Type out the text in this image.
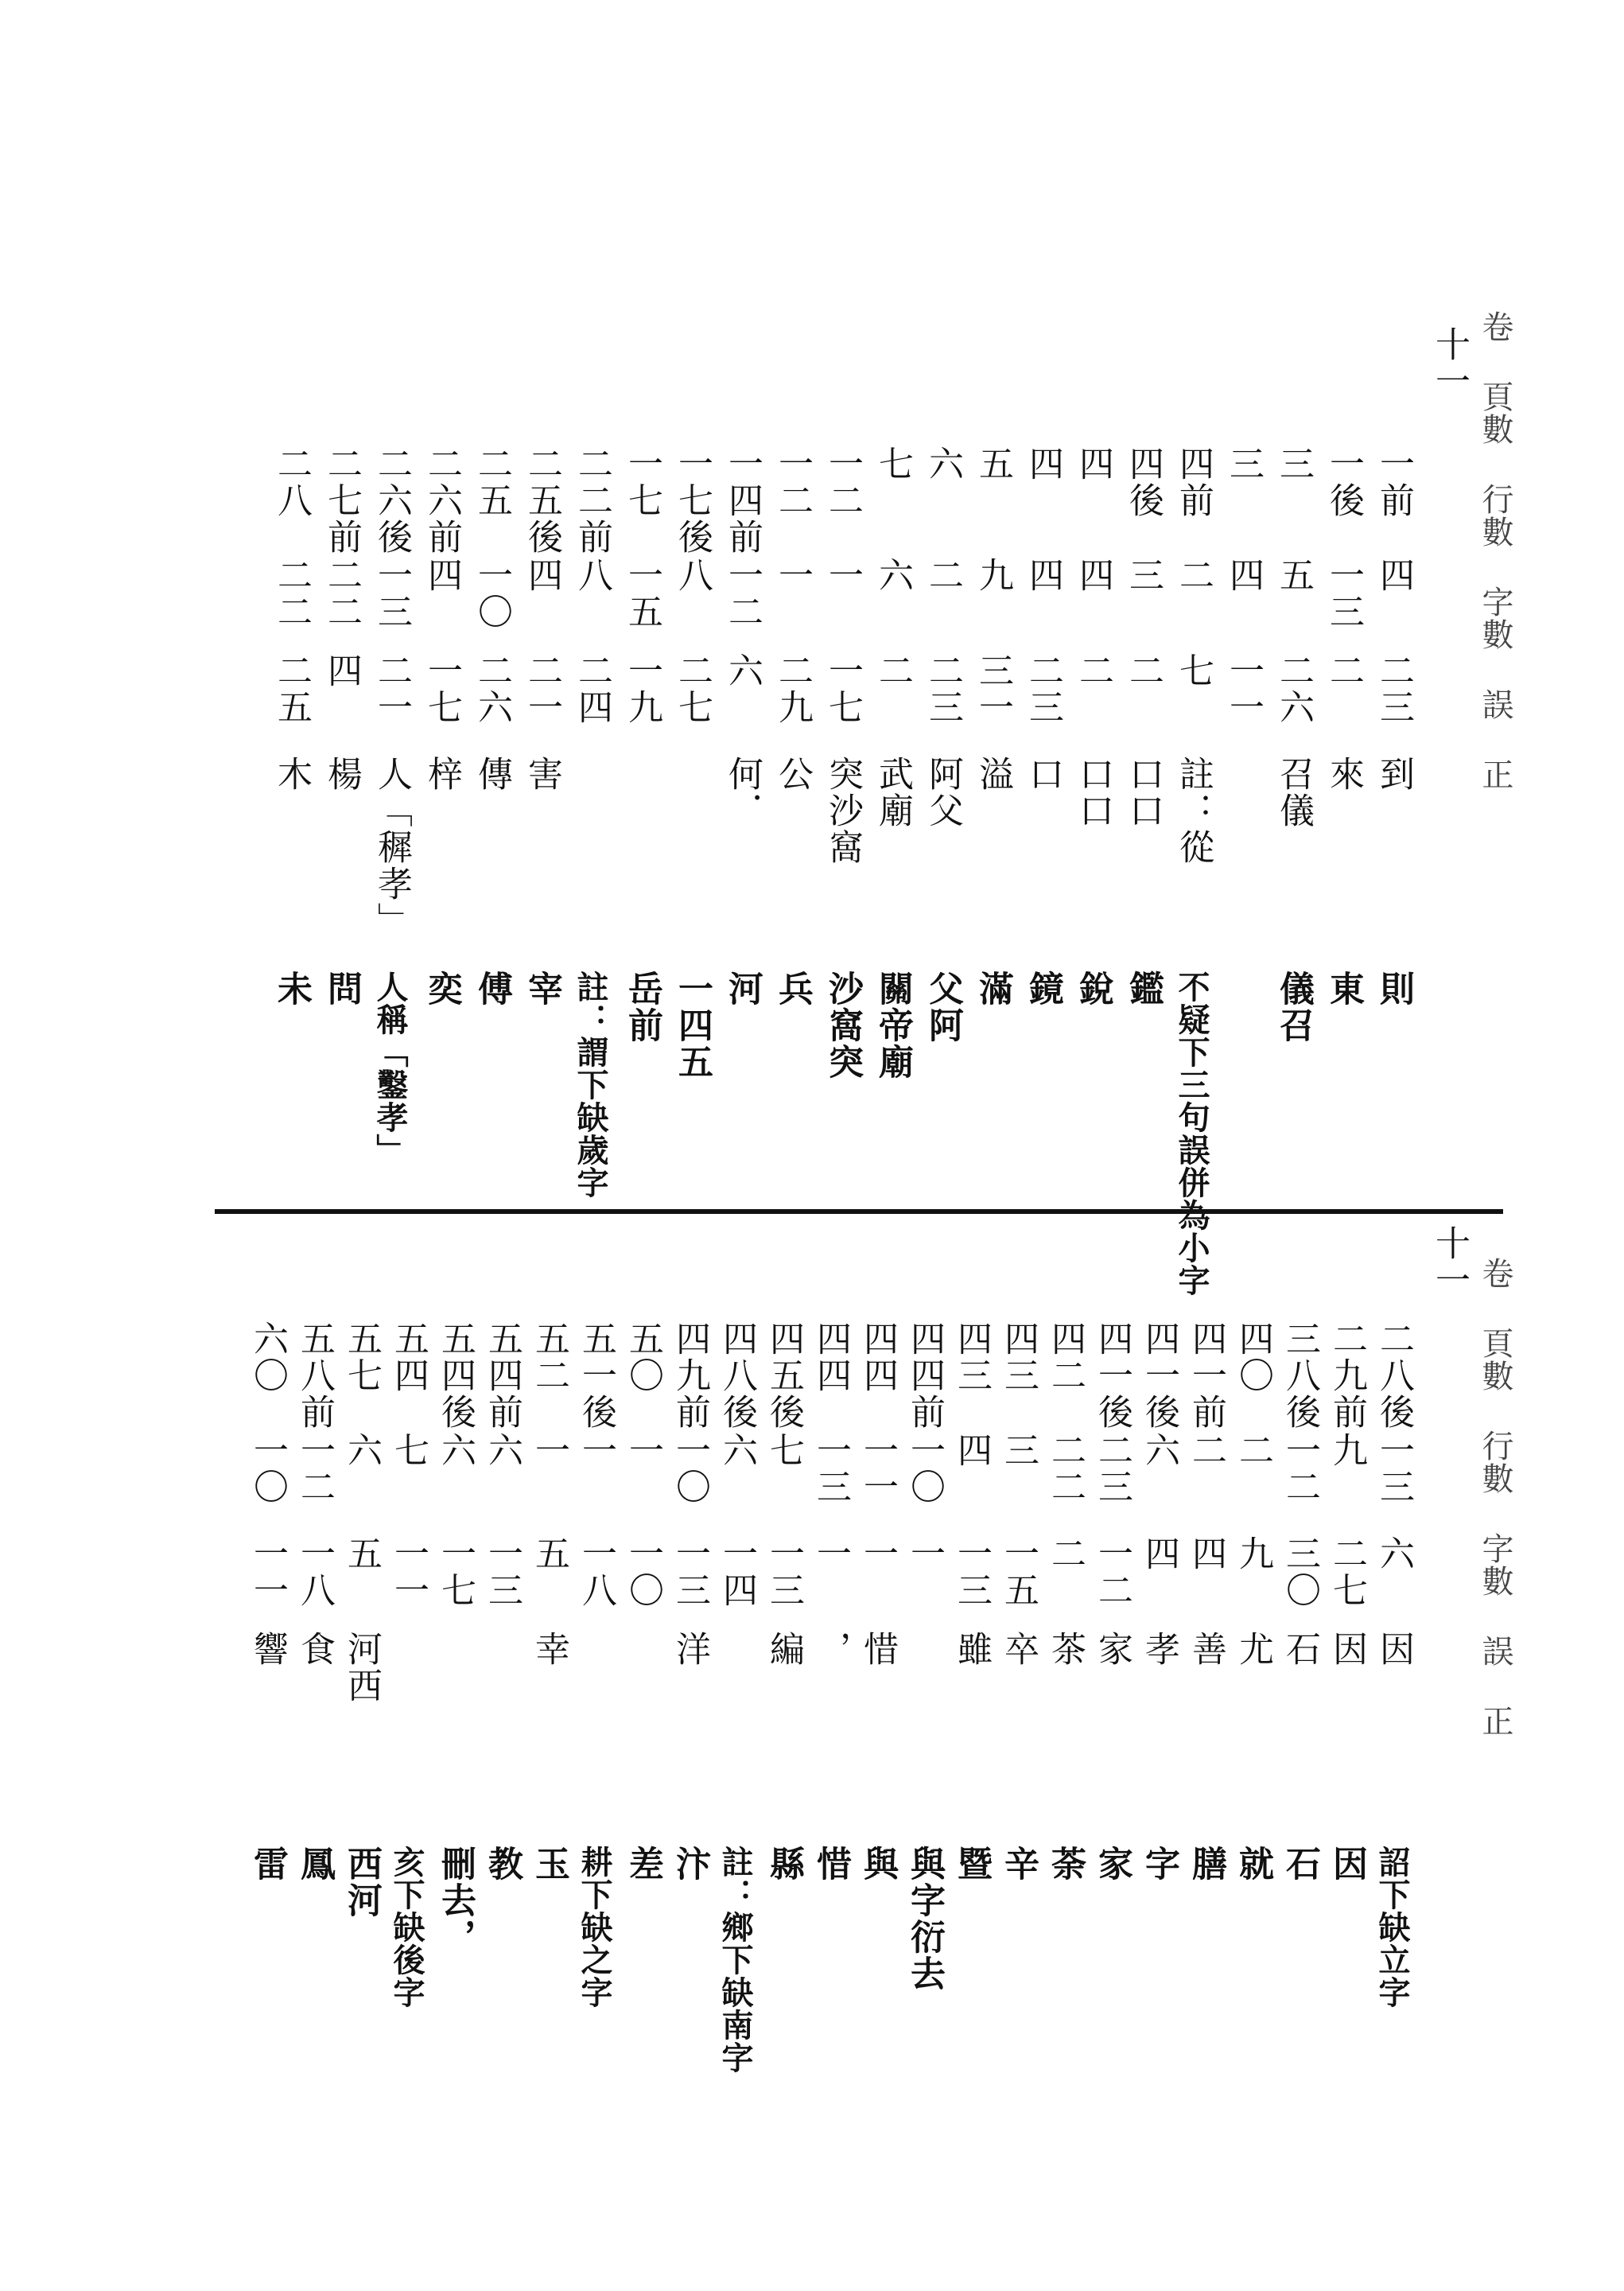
卷 頁數 行數 字數 誤 正
十一
一前
四
二三
到
則
一後
一三
二
來
東
三
五
二六
召儀
儀召
三
四
一一
四前
二
七
註：從
不疑下三句誤併為小字
四後
三
二
口口
鑑
四
四
二
口口
銳
四
四
二三
口
鏡
五
九
三一
溢
滿
六
二
二三
阿父
父阿
七
六
二
武廟
關帝廟
一二
一
一七
突沙窩
沙窩突
一二
一
二九
公
兵
一四前
一二
六
何．
河
一七後
八
二七
一四五
一七
一五
一九
岳前
二二前
八
二四
註：謂下缺歲字
二五後
四
二一
害
宰
二五
一〇
二六
傳
傅
二六前
四
一七
梓
奕
二六後
一三
二一
人「穉孝」
人稱「鑿孝」
二七前
二二
四
楊
問
二八
二二
二五
木
未
卷 頁數 行數 字數 誤 正
十一
二八後
一三
六
因
詔下缺立字
二九前
九
二七
因
因
三八後
一二
三〇
石
石
四〇
二
九
尤
就
四一前
二
四
善
膳
四一後
六
四
孝
字
四一後
二三
一二
家
家
四二
二二
二
茶
荼
四三
三
一五
卒
辛
四三
四
一三
雖
暨
四四前
一〇
一
與字衍去
四四
一一
一
惜
與
四四
一三
一
，
惜
四五後
七
一三
編
縣
四八後
六
一四
註：鄉下缺南字
四九前
一〇
一三
洋
汴
五〇
一
一〇
差
五一後
一
一八
耕下缺之字
五二
一
五
幸
玉
五四前
六
一三
教
五四後
六
一七
刪去，
五四
七
一一
亥下缺後字
五七
六
五
河西
西河
五八前
一二
一八
食
鳳
六〇
一〇
一一
響
雷
